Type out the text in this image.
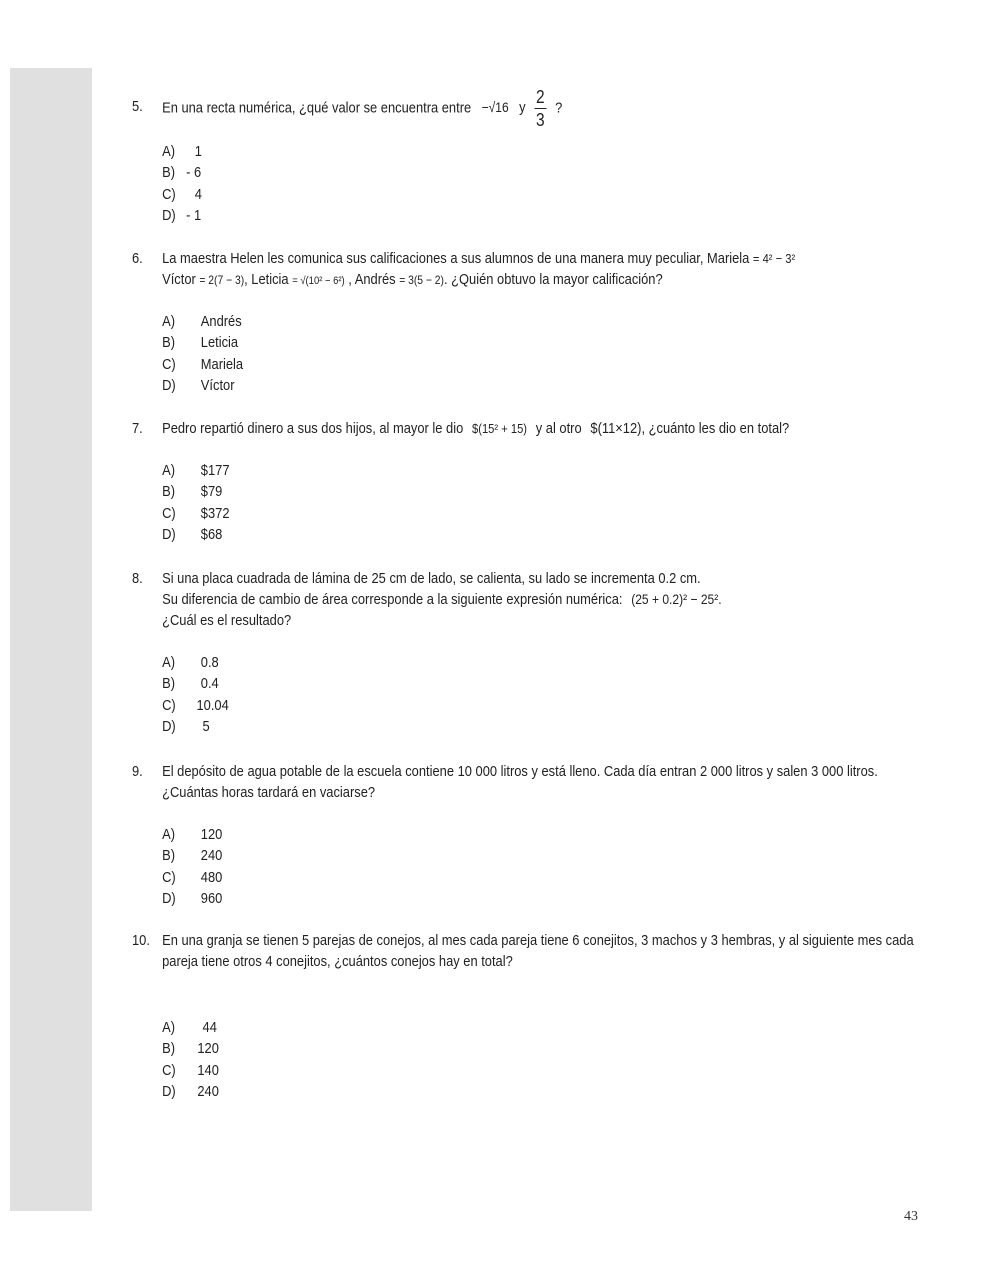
5. En una recta numérica, ¿qué valor se encuentra entre −√16 y $\frac{2}{3}$ ?
A) 1
B) - 6
C) 4
D) - 1
6. La maestra Helen les comunica sus calificaciones a sus alumnos de una manera muy peculiar, Mariela = 4² − 3²
Víctor = 2(7 − 3), Leticia = √(10² − 6²) , Andrés = 3(5 − 2). ¿Quién obtuvo la mayor calificación?
A) Andrés
B) Leticia
C) Mariela
D) Víctor
7. Pedro repartió dinero a sus dos hijos, al mayor le dio $(15² + 15) y al otro $(11×12), ¿cuánto les dio en total?
A) $177
B) $79
C) $372
D) $68
8. Si una placa cuadrada de lámina de 25 cm de lado, se calienta, su lado se incrementa 0.2 cm.
Su diferencia de cambio de área corresponde a la siguiente expresión numérica: (25 + 0.2)² − 25².
¿Cuál es el resultado?
A) 0.8
B) 0.4
C) 10.04
D) 5
9. El depósito de agua potable de la escuela contiene 10 000 litros y está lleno. Cada día entran 2 000 litros y salen 3 000 litros. ¿Cuántas horas tardará en vaciarse?
A) 120
B) 240
C) 480
D) 960
10. En una granja se tienen 5 parejas de conejos, al mes cada pareja tiene 6 conejitos, 3 machos y 3 hembras, y al siguiente mes cada pareja tiene otros 4 conejitos, ¿cuántos conejos hay en total?
A) 44
B) 120
C) 140
D) 240
43
